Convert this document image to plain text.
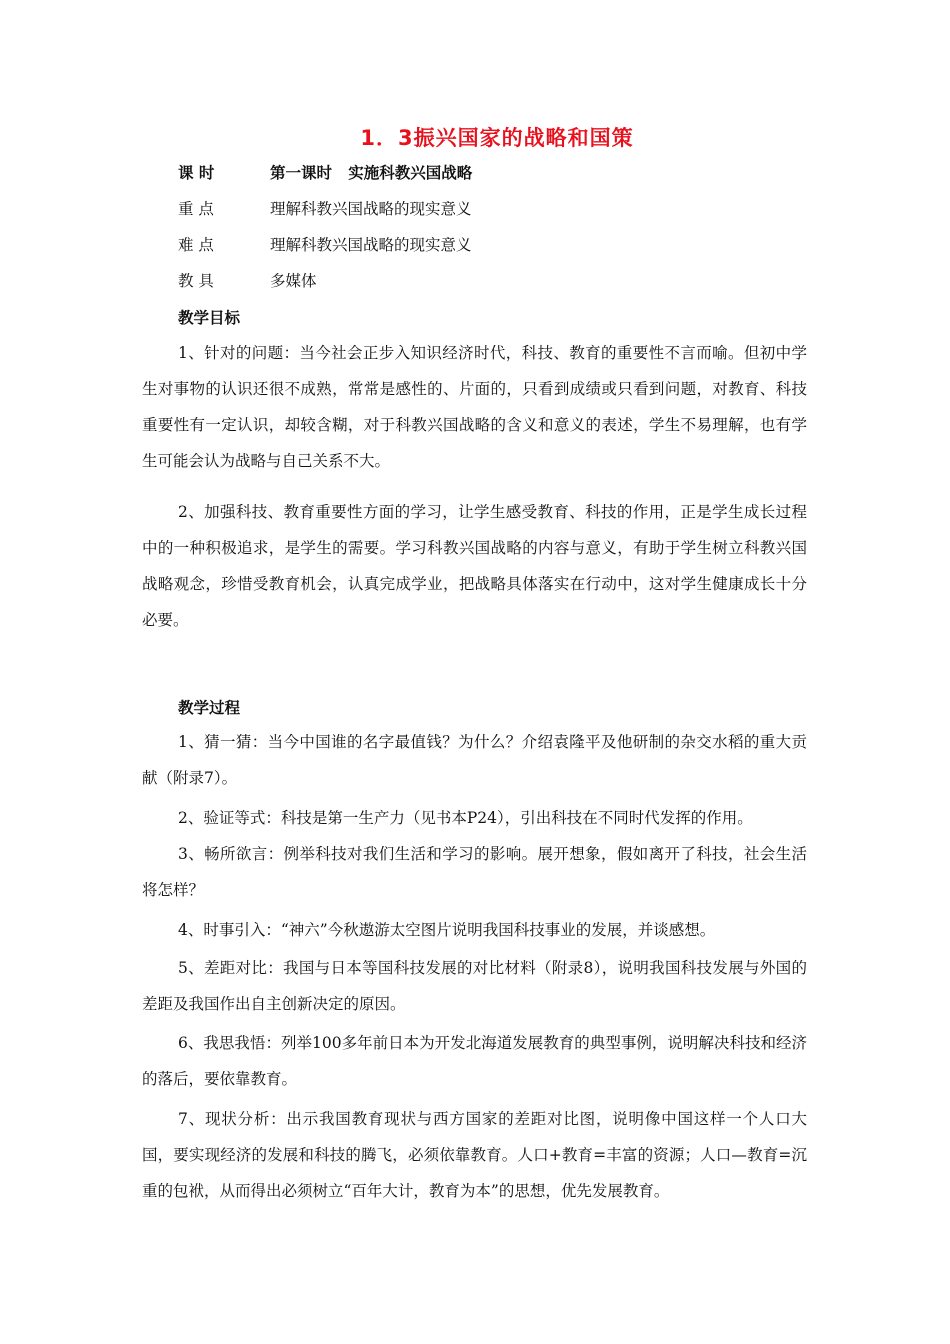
1．3振兴国家的战略和国策
课 时	第一课时   实施科教兴国战略
重 点	理解科教兴国战略的现实意义
难 点	理解科教兴国战略的现实意义
教 具	多媒体
教学目标

1、针对的问题：当今社会正步入知识经济时代，科技、教育的重要性不言而喻。但初中学生对事物的认识还很不成熟，常常是感性的、片面的，只看到成绩或只看到问题，对教育、科技重要性有一定认识，却较含糊，对于科教兴国战略的含义和意义的表述，学生不易理解，也有学生可能会认为战略与自己关系不大。

2、加强科技、教育重要性方面的学习，让学生感受教育、科技的作用，正是学生成长过程中的一种积极追求，是学生的需要。学习科教兴国战略的内容与意义，有助于学生树立科教兴国战略观念，珍惜受教育机会，认真完成学业，把战略具体落实在行动中，这对学生健康成长十分必要。

教学过程

1、猜一猜：当今中国谁的名字最值钱？为什么？介绍袁隆平及他研制的杂交水稻的重大贡献（附录7）。

2、验证等式：科技是第一生产力（见书本P24），引出科技在不同时代发挥的作用。

3、畅所欲言：例举科技对我们生活和学习的影响。展开想象，假如离开了科技，社会生活将怎样？

4、时事引入：“神六”今秋遨游太空图片说明我国科技事业的发展，并谈感想。

5、差距对比：我国与日本等国科技发展的对比材料（附录8），说明我国科技发展与外国的差距及我国作出自主创新决定的原因。

6、我思我悟：列举100多年前日本为开发北海道发展教育的典型事例，说明解决科技和经济的落后，要依靠教育。

7、现状分析：出示我国教育现状与西方国家的差距对比图，说明像中国这样一个人口大国，要实现经济的发展和科技的腾飞，必须依靠教育。人口+教育=丰富的资源；人口—教育=沉重的包袱，从而得出必须树立“百年大计，教育为本”的思想，优先发展教育。
